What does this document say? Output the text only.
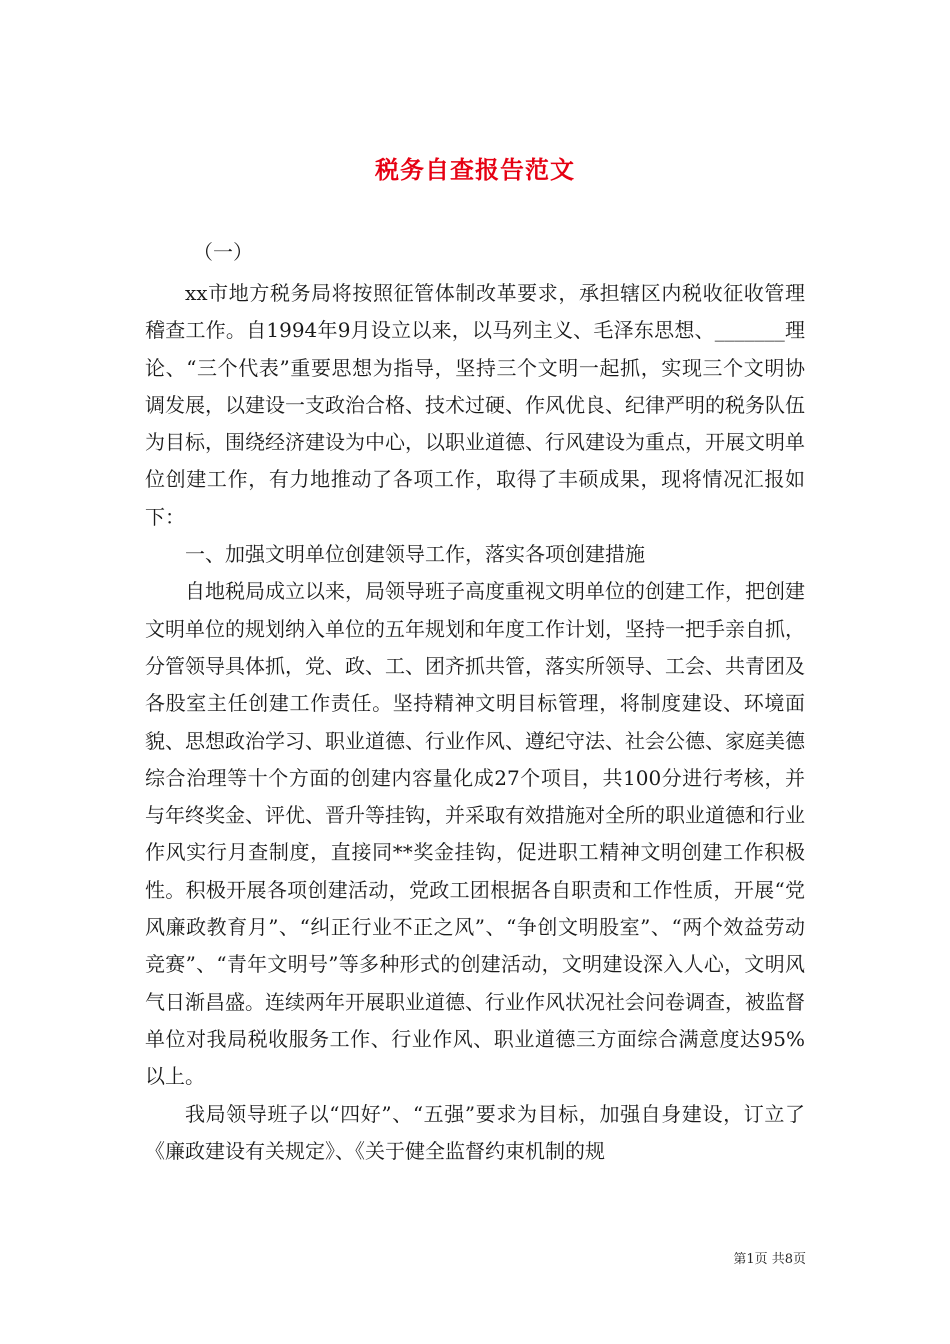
税务自查报告范文

（一）

xx市地方税务局将按照征管体制改革要求，承担辖区内税收征收管理稽查工作。自1994年9月设立以来，以马列主义、毛泽东思想、_______理论、“三个代表”重要思想为指导，坚持三个文明一起抓，实现三个文明协调发展，以建设一支政治合格、技术过硬、作风优良、纪律严明的税务队伍为目标，围绕经济建设为中心，以职业道德、行风建设为重点，开展文明单位创建工作，有力地推动了各项工作，取得了丰硕成果，现将情况汇报如下：

一、加强文明单位创建领导工作，落实各项创建措施

自地税局成立以来，局领导班子高度重视文明单位的创建工作，把创建文明单位的规划纳入单位的五年规划和年度工作计划，坚持一把手亲自抓，分管领导具体抓，党、政、工、团齐抓共管，落实所领导、工会、共青团及各股室主任创建工作责任。坚持精神文明目标管理，将制度建设、环境面貌、思想政治学习、职业道德、行业作风、遵纪守法、社会公德、家庭美德综合治理等十个方面的创建内容量化成27个项目，共100分进行考核，并与年终奖金、评优、晋升等挂钩，并采取有效措施对全所的职业道德和行业作风实行月查制度，直接同**奖金挂钩，促进职工精神文明创建工作积极性。积极开展各项创建活动，党政工团根据各自职责和工作性质，开展“党风廉政教育月”、“纠正行业不正之风”、“争创文明股室”、“两个效益劳动竞赛”、“青年文明号”等多种形式的创建活动，文明建设深入人心，文明风气日渐昌盛。连续两年开展职业道德、行业作风状况社会问卷调查，被监督单位对我局税收服务工作、行业作风、职业道德三方面综合满意度达95%以上。

我局领导班子以“四好”、“五强”要求为目标，加强自身建设，订立了《廉政建设有关规定》、《关于健全监督约束机制的规

第1页 共8页
